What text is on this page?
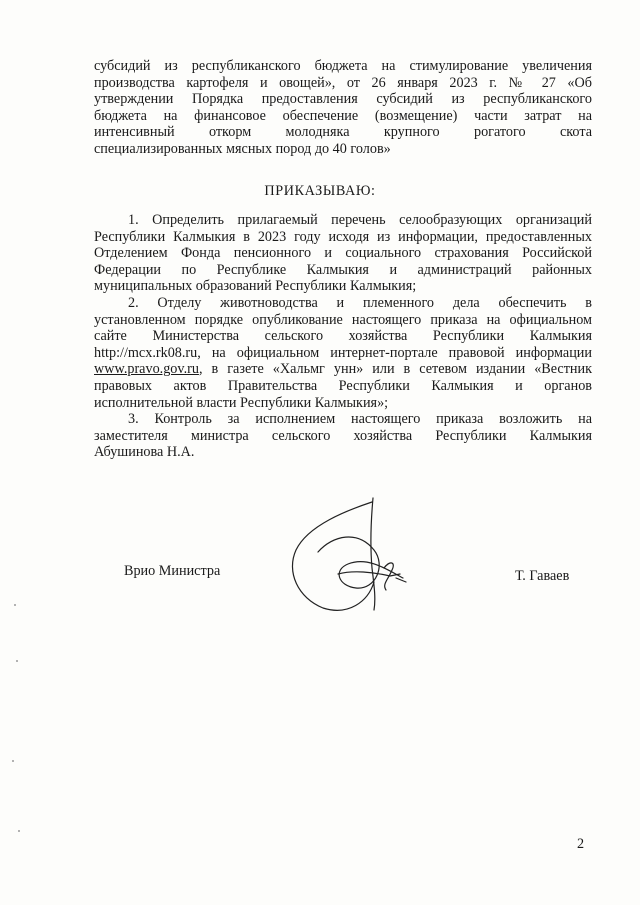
субсидий из республиканского бюджета на стимулирование увеличения
производства картофеля и овощей», от 26 января 2023 г. № 27 «Об
утверждении Порядка предоставления субсидий из республиканского
бюджета на финансовое обеспечение (возмещение) части затрат на
интенсивный откорм молодняка крупного рогатого скота
специализированных мясных пород до 40 голов»
ПРИКАЗЫВАЮ:
1. Определить прилагаемый перечень селообразующих организаций
Республики Калмыкия в 2023 году исходя из информации, предоставленных
Отделением Фонда пенсионного и социального страхования Российской
Федерации по Республике Калмыкия и администраций районных
муниципальных образований Республики Калмыкия;
2. Отделу животноводства и племенного дела обеспечить в
установленном порядке опубликование настоящего приказа на официальном
сайте Министерства сельского хозяйства Республики Калмыкия
http://mcx.rk08.ru, на официальном интернет-портале правовой информации
www.pravo.gov.ru, в газете «Хальмг унн» или в сетевом издании «Вестник
правовых актов Правительства Республики Калмыкия и органов
исполнительной власти Республики Калмыкия»;
3. Контроль за исполнением настоящего приказа возложить на
заместителя министра сельского хозяйства Республики Калмыкия
Абушинова Н.А.
Врио Министра	Т. Гаваев
2
